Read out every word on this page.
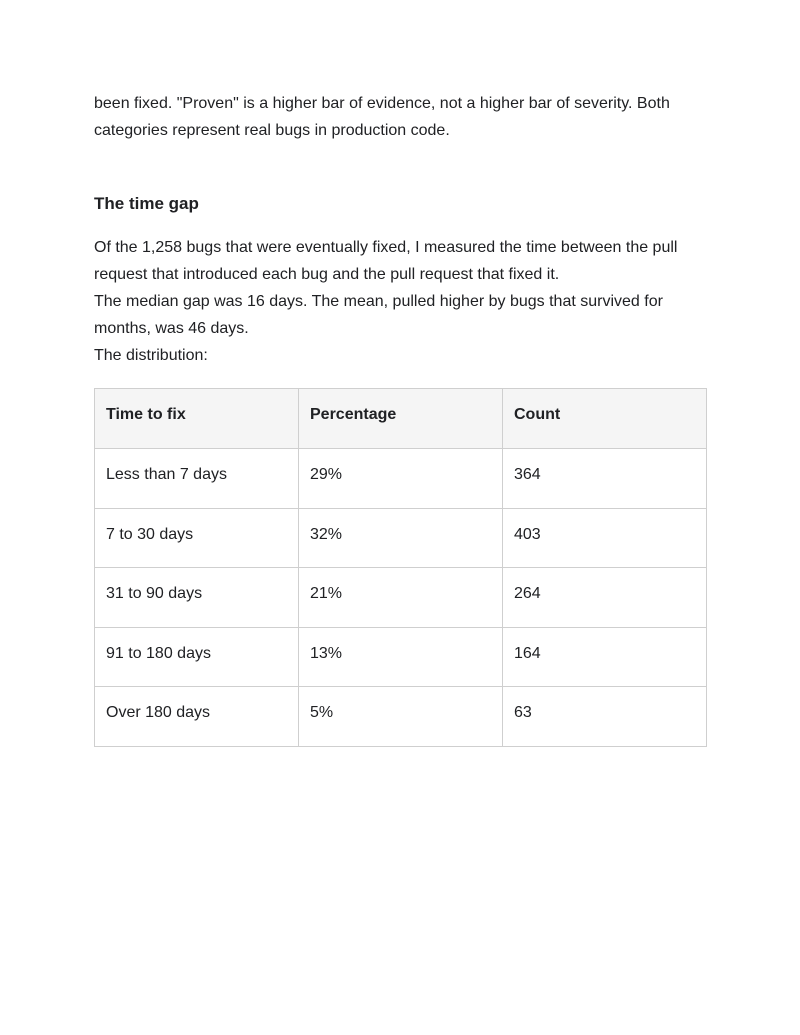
been fixed. "Proven" is a higher bar of evidence, not a higher bar of severity. Both

categories represent real bugs in production code.

The time gap

Of the 1,258 bugs that were eventually fixed, I measured the time between the pull

request that introduced each bug and the pull request that fixed it.

The median gap was 16 days. The mean, pulled higher by bugs that survived for

months, was 46 days.

The distribution:

Time to fix	Percentage	Count
Less than 7 days	29%	364
7 to 30 days	32%	403
31 to 90 days	21%	264
91 to 180 days	13%	164
Over 180 days	5%	63
